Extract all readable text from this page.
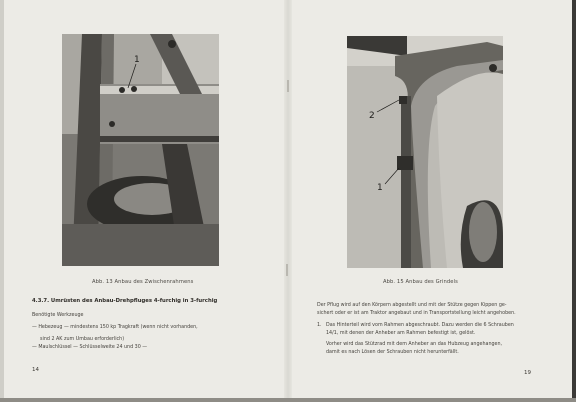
1
Abb. 13 Anbau des Zwischenrahmens
4.3.7. Umrüsten des Anbau-Drehpfluges 4-furchig in 3-furchig
Benötigte Werkzeuge
— Hebezeug — mindestens 150 kp Tragkraft (wenn nicht vorhanden,
sind 2 AK zum Umbau erforderlich)
— Maulschlüssel — Schlüsselweite 24 und 30 —
14
2
1
Abb. 15 Anbau des Grindels
Der Pflug wird auf den Körpern abgestellt und mit der Stütze gegen Kippen ge-
sichert oder er ist am Traktor angebaut und in Transportstellung leicht angehoben.
1. Das Hinterteil wird vom Rahmen abgeschraubt. Dazu werden die 6 Schrauben
14/1, mit denen der Anheber am Rahmen befestigt ist, gelöst.
Vorher wird das Stützrad mit dem Anheber an das Hubzeug angehangen,
damit es nach Lösen der Schrauben nicht herunterfällt.
19
